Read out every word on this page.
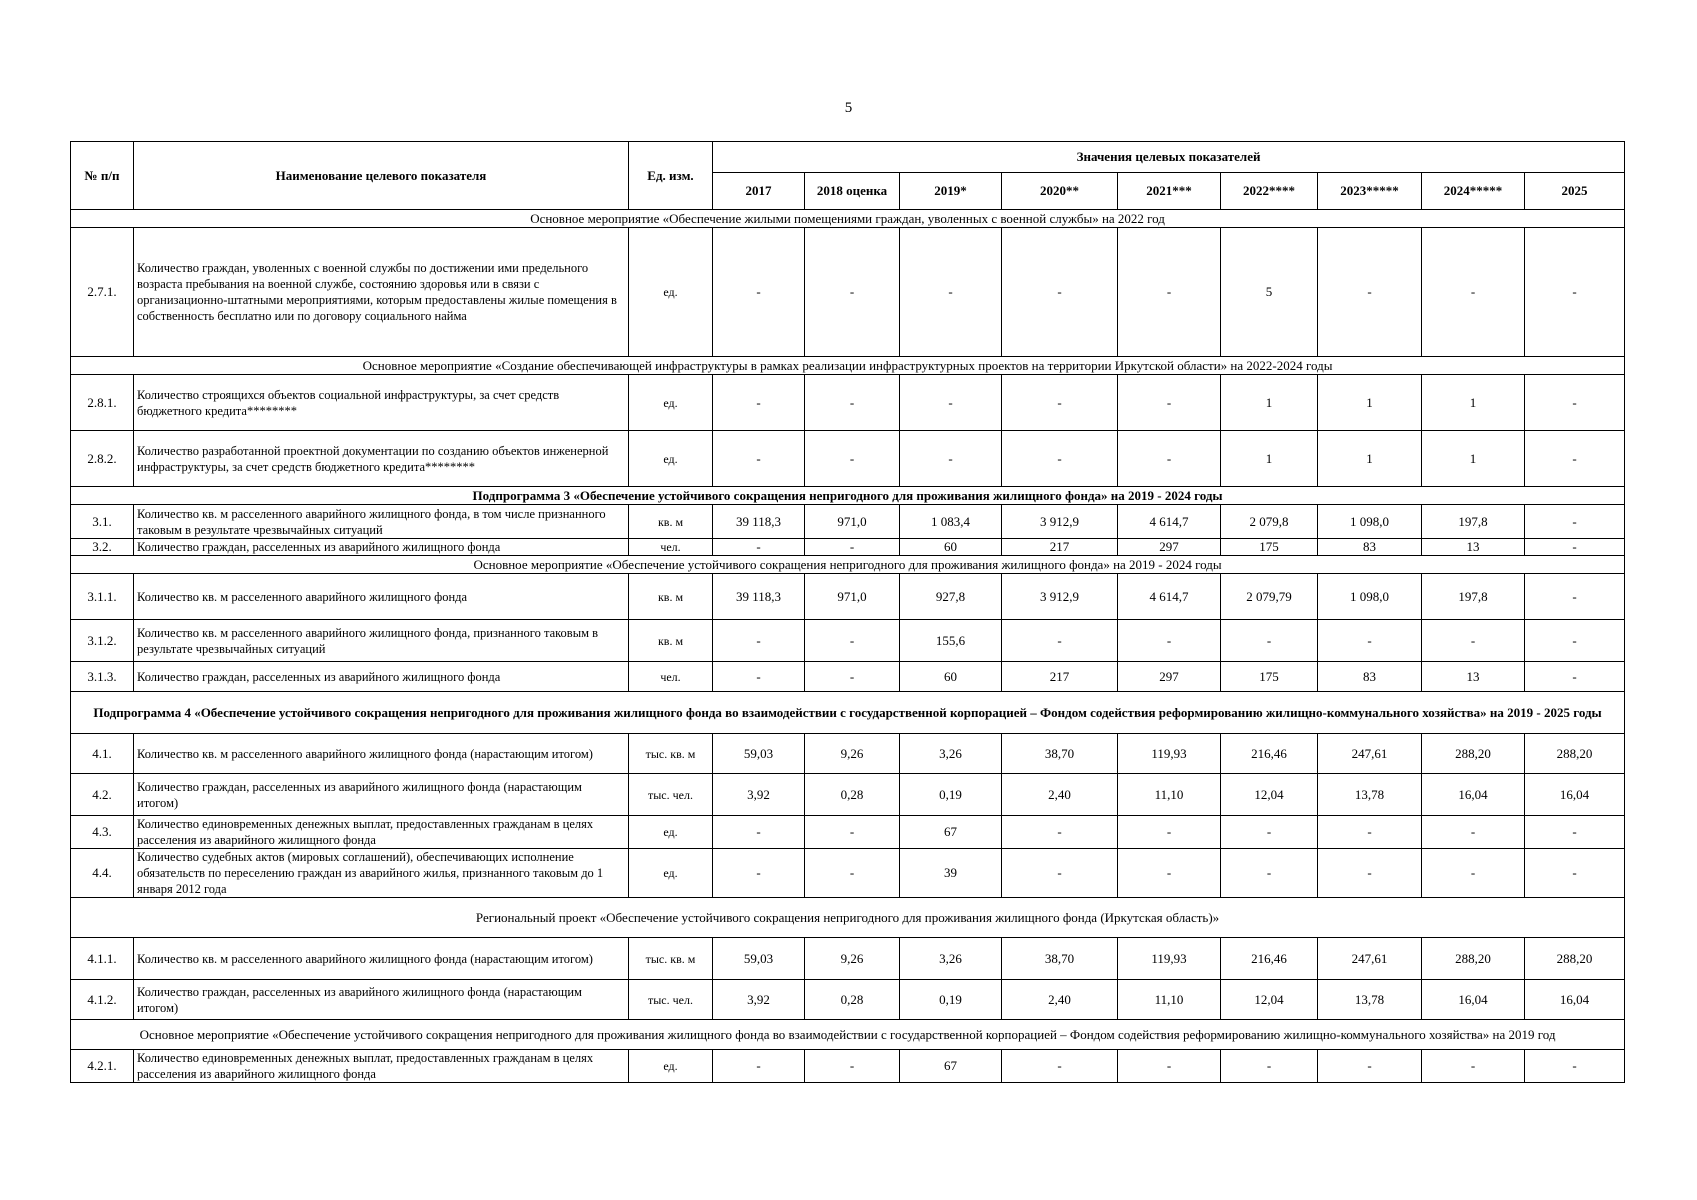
5
№ п/п	Наименование целевого показателя	Ед. изм.	Значения целевых показателей								
			2017	2018 оценка	2019*	2020**	2021***	2022****	2023*****	2024*****	2025
Основное мероприятие «Обеспечение жилыми помещениями граждан, уволенных с военной службы» на 2022 год											
2.7.1.	Количество граждан, уволенных с военной службы по достижении ими предельного возраста пребывания на военной службе, состоянию здоровья или в связи с организационно-штатными мероприятиями, которым предоставлены жилые помещения в собственность бесплатно или по договору социального найма	ед.	-	-	-	-	-	5	-	-	-
Основное мероприятие «Создание обеспечивающей инфраструктуры в рамках реализации инфраструктурных проектов на территории Иркутской области» на 2022-2024 годы											
2.8.1.	Количество строящихся объектов социальной инфраструктуры, за счет средств бюджетного кредита********	ед.	-	-	-	-	-	1	1	1	-
2.8.2.	Количество разработанной проектной документации по созданию объектов инженерной инфраструктуры, за счет средств бюджетного кредита********	ед.	-	-	-	-	-	1	1	1	-
Подпрограмма 3 «Обеспечение устойчивого сокращения непригодного для проживания жилищного фонда» на 2019 - 2024 годы											
3.1.	Количество кв. м расселенного аварийного жилищного фонда, в том числе признанного таковым в результате чрезвычайных ситуаций	кв. м	39 118,3	971,0	1 083,4	3 912,9	4 614,7	2 079,8	1 098,0	197,8	-
3.2.	Количество граждан, расселенных из аварийного жилищного фонда	чел.	-	-	60	217	297	175	83	13	-
Основное мероприятие «Обеспечение устойчивого сокращения непригодного для проживания жилищного фонда» на 2019 - 2024 годы											
3.1.1.	Количество кв. м расселенного аварийного жилищного фонда	кв. м	39 118,3	971,0	927,8	3 912,9	4 614,7	2 079,79	1 098,0	197,8	-
3.1.2.	Количество кв. м расселенного аварийного жилищного фонда, признанного таковым в результате чрезвычайных ситуаций	кв. м	-	-	155,6	-	-	-	-	-	-
3.1.3.	Количество граждан, расселенных из аварийного жилищного фонда	чел.	-	-	60	217	297	175	83	13	-
Подпрограмма 4 «Обеспечение устойчивого сокращения непригодного для проживания жилищного фонда во взаимодействии с государственной корпорацией – Фондом содействия реформированию жилищно-коммунального хозяйства» на 2019 - 2025 годы											
4.1.	Количество кв. м расселенного аварийного жилищного фонда (нарастающим итогом)	тыс. кв. м	59,03	9,26	3,26	38,70	119,93	216,46	247,61	288,20	288,20
4.2.	Количество граждан, расселенных из аварийного жилищного фонда (нарастающим итогом)	тыс. чел.	3,92	0,28	0,19	2,40	11,10	12,04	13,78	16,04	16,04
4.3.	Количество единовременных денежных выплат, предоставленных гражданам в целях расселения из аварийного жилищного фонда	ед.	-	-	67	-	-	-	-	-	-
4.4.	Количество судебных актов (мировых соглашений), обеспечивающих исполнение обязательств по переселению граждан из аварийного жилья, признанного таковым до 1 января 2012 года	ед.	-	-	39	-	-	-	-	-	-
Региональный проект «Обеспечение устойчивого сокращения непригодного для проживания жилищного фонда (Иркутская область)»											
4.1.1.	Количество кв. м расселенного аварийного жилищного фонда (нарастающим итогом)	тыс. кв. м	59,03	9,26	3,26	38,70	119,93	216,46	247,61	288,20	288,20
4.1.2.	Количество граждан, расселенных из аварийного жилищного фонда (нарастающим итогом)	тыс. чел.	3,92	0,28	0,19	2,40	11,10	12,04	13,78	16,04	16,04
Основное мероприятие «Обеспечение устойчивого сокращения непригодного для проживания жилищного фонда во взаимодействии с государственной корпорацией – Фондом содействия реформированию жилищно-коммунального хозяйства» на 2019 год											
4.2.1.	Количество единовременных денежных выплат, предоставленных гражданам в целях расселения из аварийного жилищного фонда	ед.	-	-	67	-	-	-	-	-	-
